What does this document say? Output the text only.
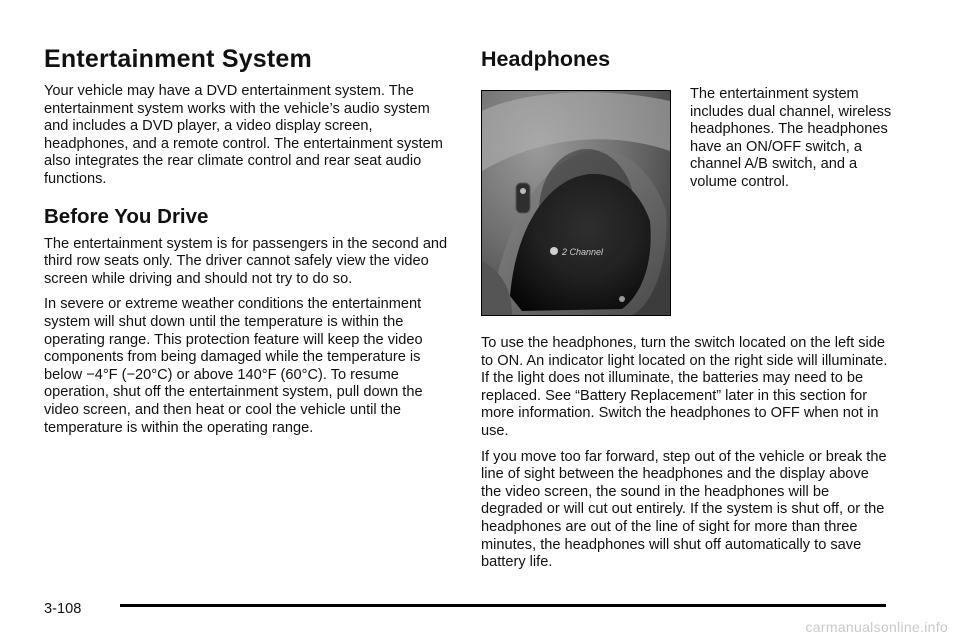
Entertainment System

Your vehicle may have a DVD entertainment system. The entertainment system works with the vehicle’s audio system and includes a DVD player, a video display screen, headphones, and a remote control. The entertainment system also integrates the rear climate control and rear seat audio functions.

Before You Drive

The entertainment system is for passengers in the second and third row seats only. The driver cannot safely view the video screen while driving and should not try to do so.

In severe or extreme weather conditions the entertainment system will shut down until the temperature is within the operating range. This protection feature will keep the video components from being damaged while the temperature is below −4°F (−20°C) or above 140°F (60°C). To resume operation, shut off the entertainment system, pull down the video screen, and then heat or cool the vehicle until the temperature is within the operating range.

Headphones
2 Channel

The entertainment system includes dual channel, wireless headphones. The headphones have an ON/OFF switch, a channel A/B switch, and a volume control.

To use the headphones, turn the switch located on the left side to ON. An indicator light located on the right side will illuminate. If the light does not illuminate, the batteries may need to be replaced. See “Battery Replacement” later in this section for more information. Switch the headphones to OFF when not in use.

If you move too far forward, step out of the vehicle or break the line of sight between the headphones and the display above the video screen, the sound in the headphones will be degraded or will cut out entirely. If the system is shut off, or the headphones are out of the line of sight for more than three minutes, the headphones will shut off automatically to save battery life.

3-108
carmanualsonline.info
